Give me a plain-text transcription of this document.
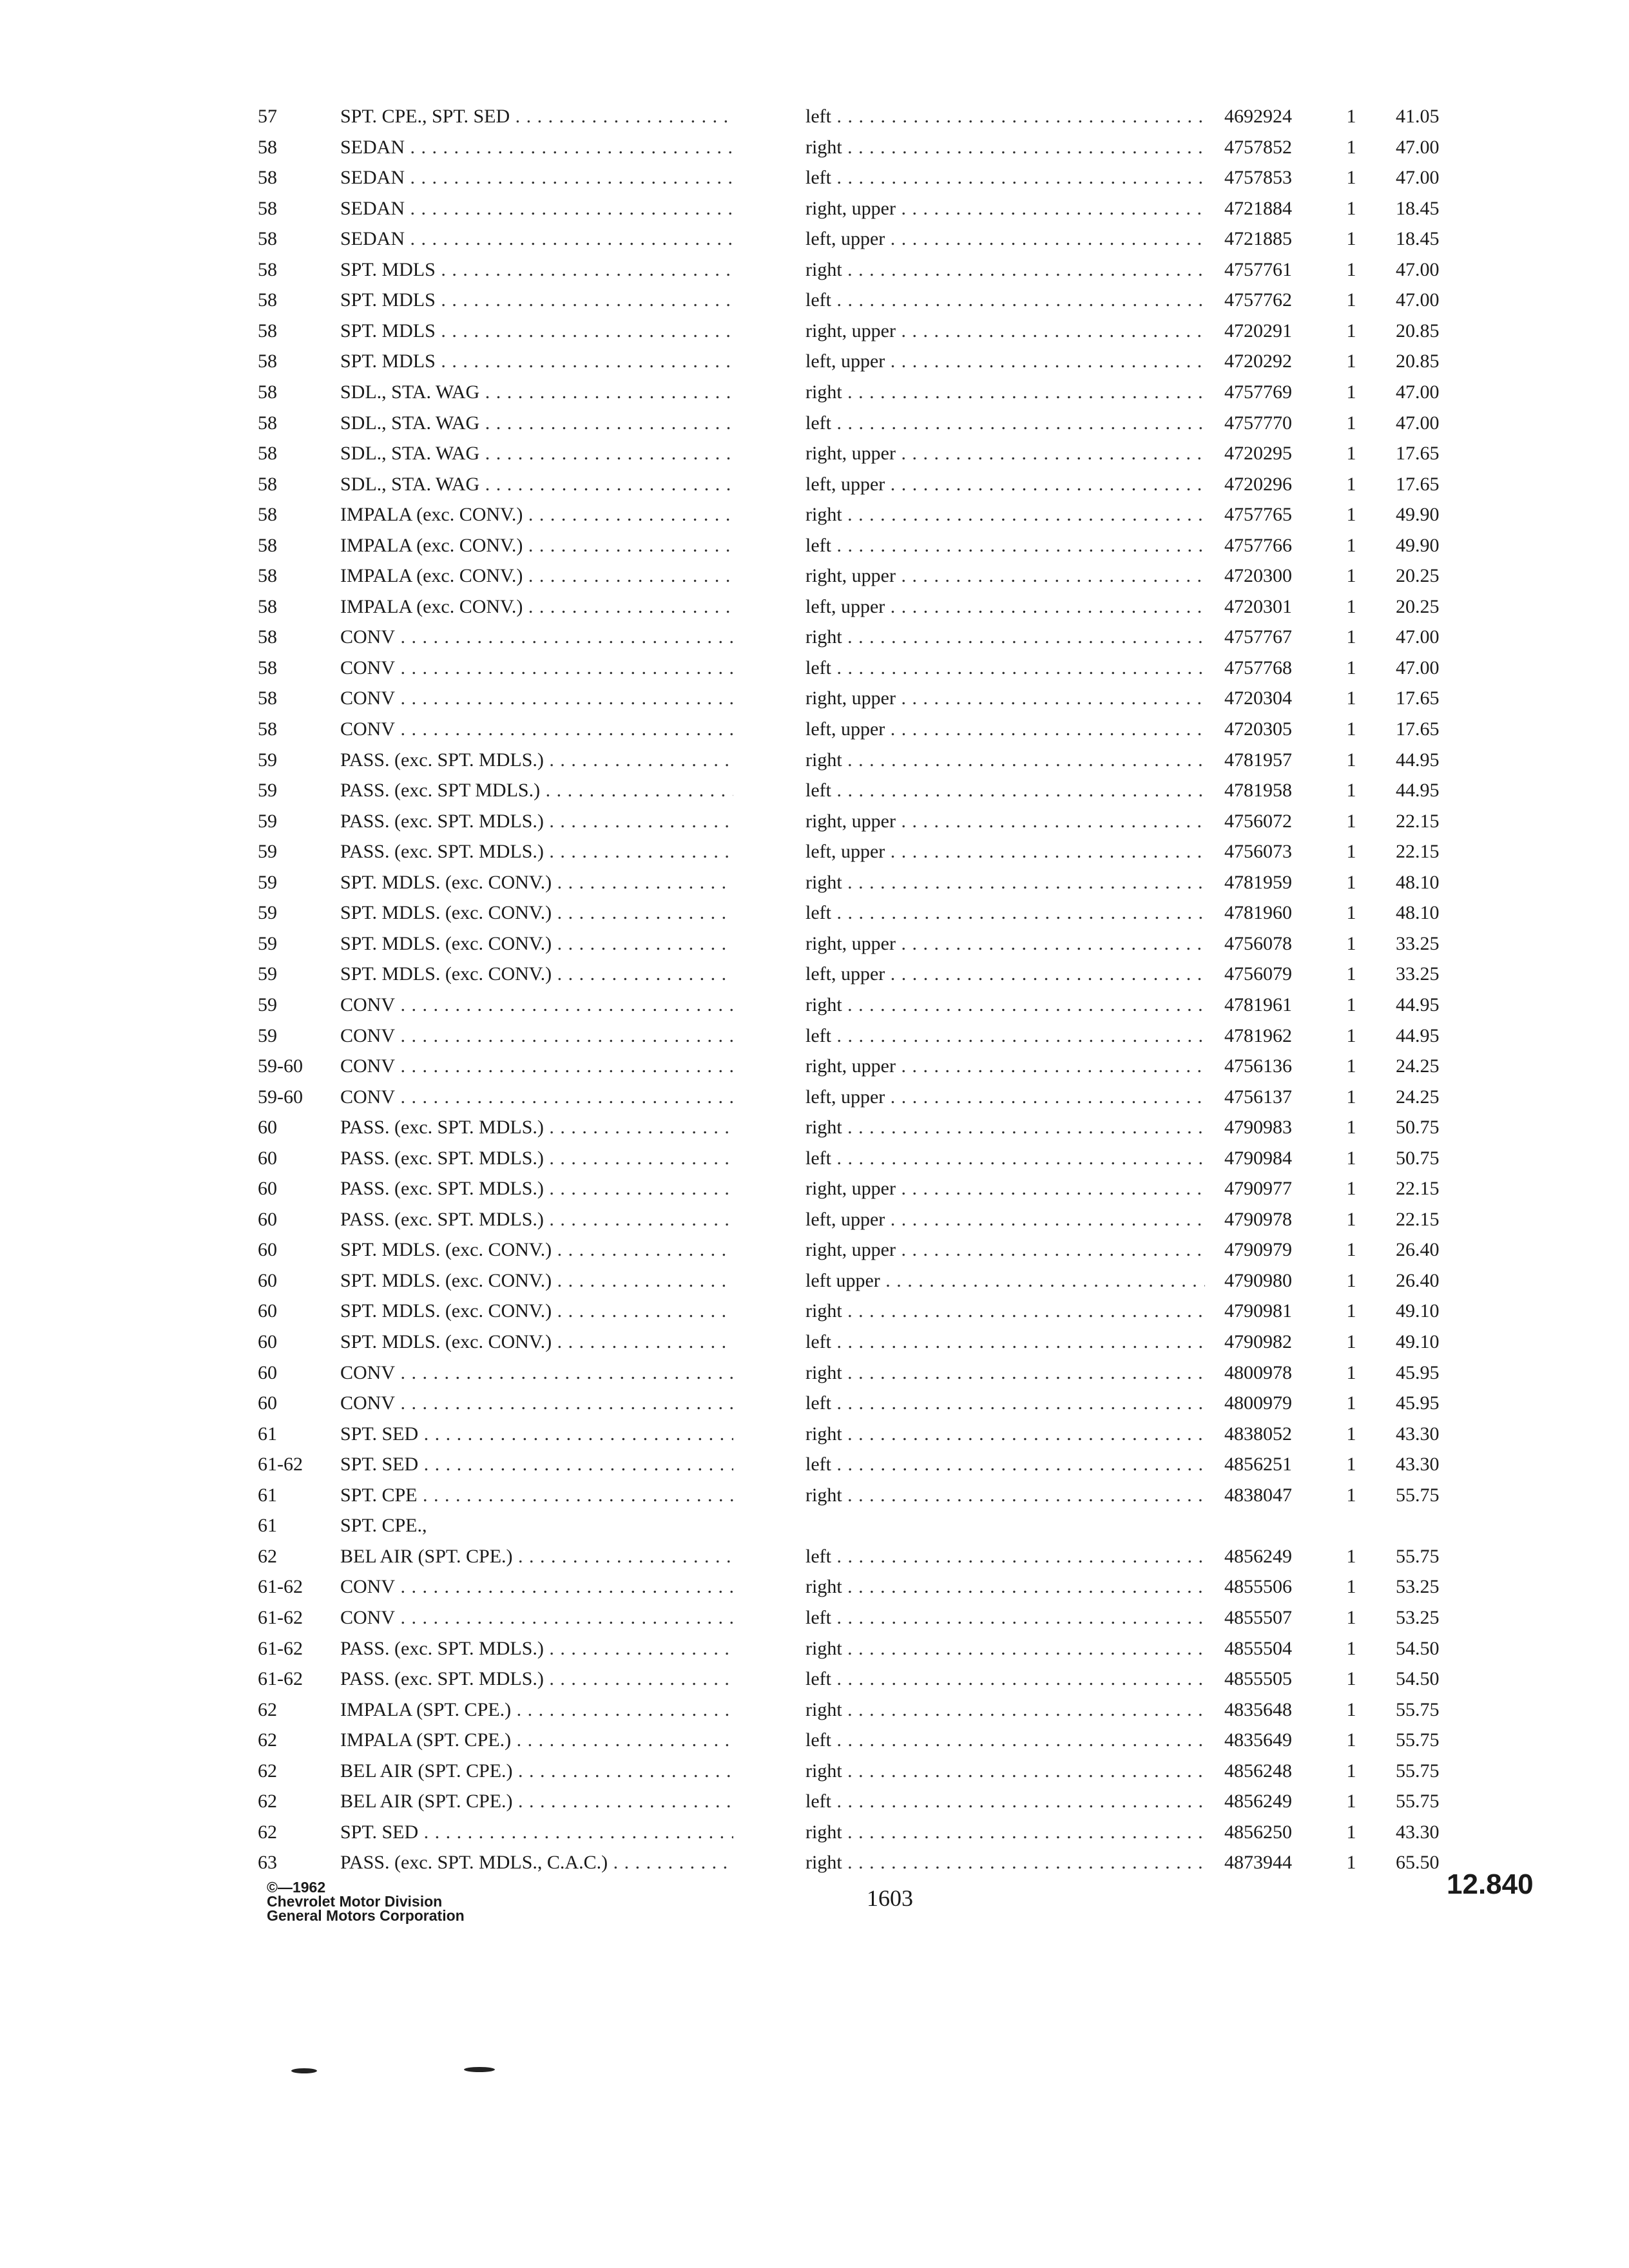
57	SPT. CPE., SPT. SED . . .	left . . .	4692924	1 41.05
58	SEDAN . . .	right . . .	4757852	1 47.00
58	SEDAN . . .	left . . .	4757853	1 47.00
58	SEDAN . . .	right, upper . . .	4721884	1 18.45
58	SEDAN . . .	left, upper . . .	4721885	1 18.45
58	SPT. MDLS . . .	right . . .	4757761	1 47.00
58	SPT. MDLS . . .	left . . .	4757762	1 47.00
58	SPT. MDLS . . .	right, upper . . .	4720291	1 20.85
58	SPT. MDLS . . .	left, upper . . .	4720292	1 20.85
58	SDL., STA. WAG . . .	right . . .	4757769	1 47.00
58	SDL., STA. WAG . . .	left . . .	4757770	1 47.00
58	SDL., STA. WAG . . .	right, upper . . .	4720295	1 17.65
58	SDL., STA. WAG . . .	left, upper . . .	4720296	1 17.65
58	IMPALA (exc. CONV.) . . .	right . . .	4757765	1 49.90
58	IMPALA (exc. CONV.) . . .	left . . .	4757766	1 49.90
58	IMPALA (exc. CONV.) . . .	right, upper . . .	4720300	1 20.25
58	IMPALA (exc. CONV.) . . .	left, upper . . .	4720301	1 20.25
58	CONV . . .	right . . .	4757767	1 47.00
58	CONV . . .	left . . .	4757768	1 47.00
58	CONV . . .	right, upper . . .	4720304	1 17.65
58	CONV . . .	left, upper . . .	4720305	1 17.65
59	PASS. (exc. SPT. MDLS.) . . .	right . . .	4781957	1 44.95
59	PASS. (exc. SPT MDLS.) . . .	left . . .	4781958	1 44.95
59	PASS. (exc. SPT. MDLS.) . . .	right, upper . . .	4756072	1 22.15
59	PASS. (exc. SPT. MDLS.) . . .	left, upper . . .	4756073	1 22.15
59	SPT. MDLS. (exc. CONV.) . . .	right . . .	4781959	1 48.10
59	SPT. MDLS. (exc. CONV.) . . .	left . . .	4781960	1 48.10
59	SPT. MDLS. (exc. CONV.) . . .	right, upper . . .	4756078	1 33.25
59	SPT. MDLS. (exc. CONV.) . . .	left, upper . . .	4756079	1 33.25
59	CONV . . .	right . . .	4781961	1 44.95
59	CONV . . .	left . . .	4781962	1 44.95
59-60	CONV . . .	right, upper . . .	4756136	1 24.25
59-60	CONV . . .	left, upper . . .	4756137	1 24.25
60	PASS. (exc. SPT. MDLS.) . . .	right . . .	4790983	1 50.75
60	PASS. (exc. SPT. MDLS.) . . .	left . . .	4790984	1 50.75
60	PASS. (exc. SPT. MDLS.) . . .	right, upper . . .	4790977	1 22.15
60	PASS. (exc. SPT. MDLS.) . . .	left, upper . . .	4790978	1 22.15
60	SPT. MDLS. (exc. CONV.) . . .	right, upper . . .	4790979	1 26.40
60	SPT. MDLS. (exc. CONV.) . . .	left upper . . .	4790980	1 26.40
60	SPT. MDLS. (exc. CONV.) . . .	right . . .	4790981	1 49.10
60	SPT. MDLS. (exc. CONV.) . . .	left . . .	4790982	1 49.10
60	CONV . . .	right . . .	4800978	1 45.95
60	CONV . . .	left . . .	4800979	1 45.95
61	SPT. SED . . .	right . . .	4838052	1 43.30
61-62	SPT. SED . . .	left . . .	4856251	1 43.30
61	SPT. CPE . . .	right . . .	4838047	1 55.75
61	SPT. CPE.,
62	BEL AIR (SPT. CPE.) . . .	left . . .	4856249	1 55.75
61-62	CONV . . .	right . . .	4855506	1 53.25
61-62	CONV . . .	left . . .	4855507	1 53.25
61-62	PASS. (exc. SPT. MDLS.) . . .	right . . .	4855504	1 54.50
61-62	PASS. (exc. SPT. MDLS.) . . .	left . . .	4855505	1 54.50
62	IMPALA (SPT. CPE.) . . .	right . . .	4835648	1 55.75
62	IMPALA (SPT. CPE.) . . .	left . . .	4835649	1 55.75
62	BEL AIR (SPT. CPE.) . . .	right . . .	4856248	1 55.75
62	BEL AIR (SPT. CPE.) . . .	left . . .	4856249	1 55.75
62	SPT. SED . . .	right . . .	4856250	1 43.30
63	PASS. (exc. SPT. MDLS., C.A.C.) . . .	right . . .	4873944	1 65.50
©—1962
Chevrolet Motor Division
General Motors Corporation
1603	12.840
